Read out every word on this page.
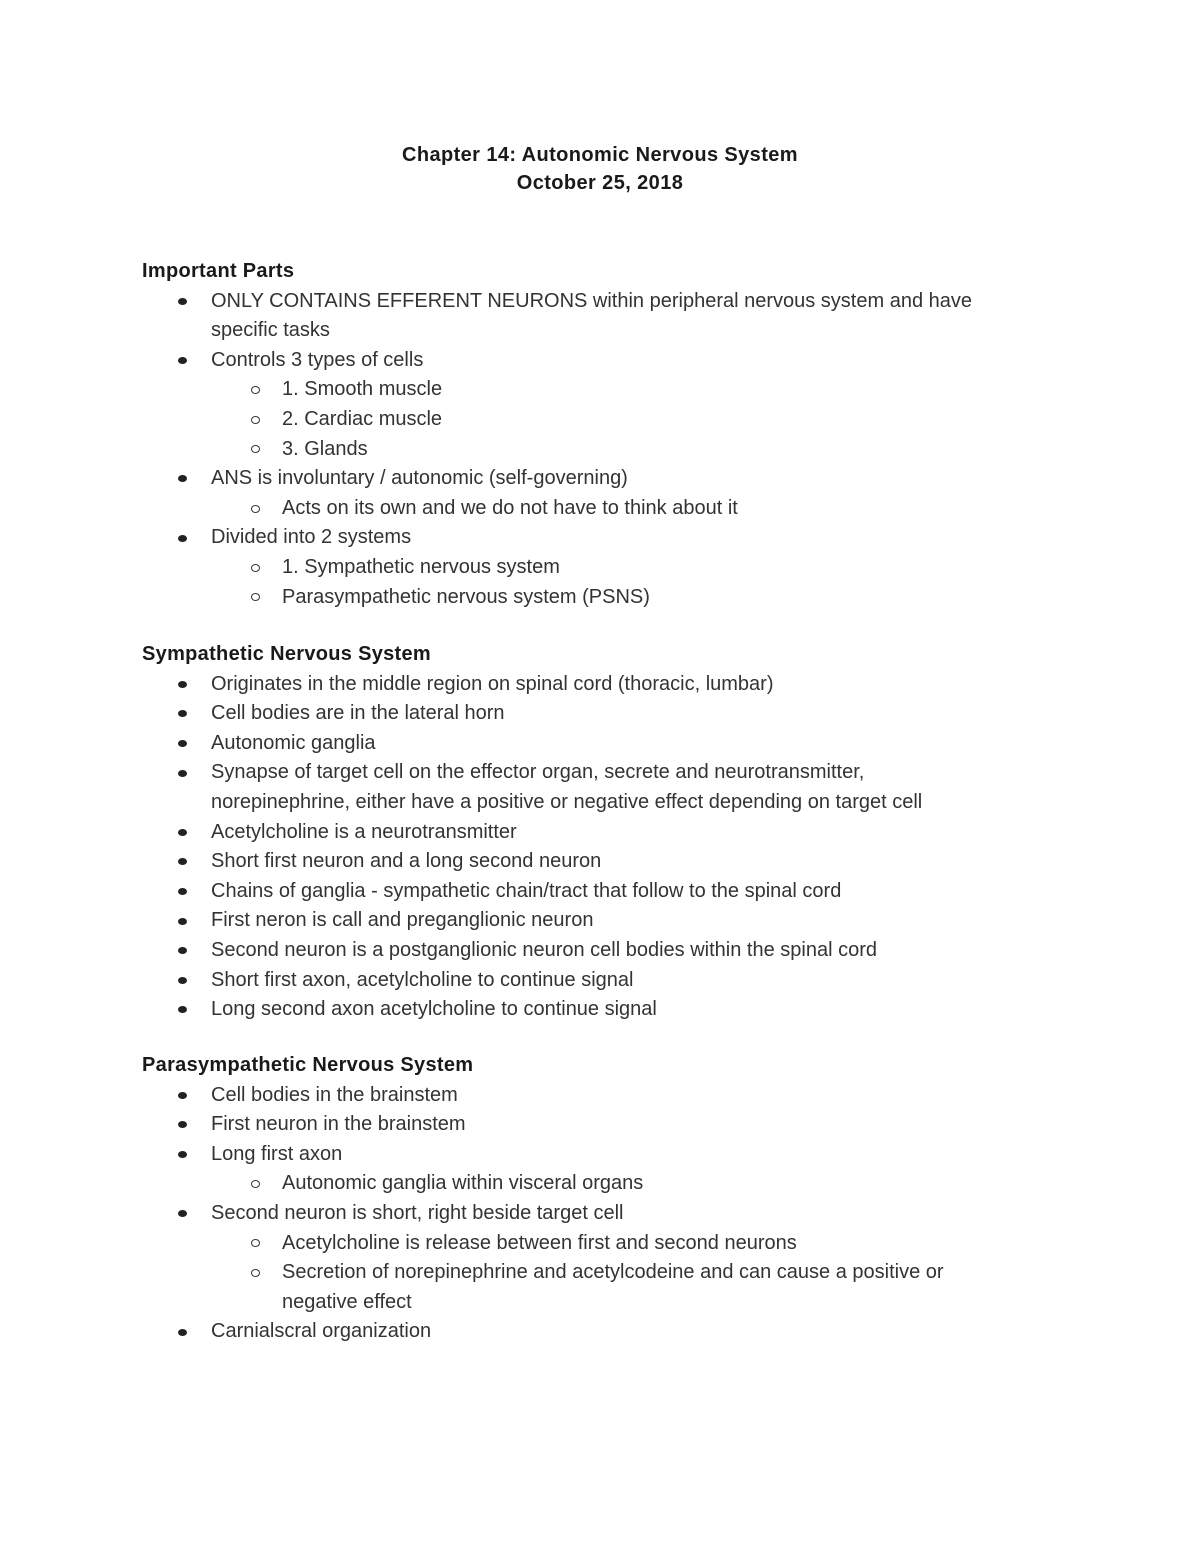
Chapter 14: Autonomic Nervous System
October 25, 2018
Important Parts
ONLY CONTAINS EFFERENT NEURONS within peripheral nervous system and have
specific tasks
Controls 3 types of cells
1. Smooth muscle
2. Cardiac muscle
3. Glands
ANS is involuntary / autonomic (self-governing)
Acts on its own and we do not have to think about it
Divided into 2 systems
1. Sympathetic nervous system
Parasympathetic nervous system (PSNS)
Sympathetic Nervous System
Originates in the middle region on spinal cord (thoracic, lumbar)
Cell bodies are in the lateral horn
Autonomic ganglia
Synapse of target cell on the effector organ, secrete and neurotransmitter,
norepinephrine, either have a positive or negative effect depending on target cell
Acetylcholine is a neurotransmitter
Short first neuron and a long second neuron
Chains of ganglia - sympathetic chain/tract that follow to the spinal cord
First neron is call and preganglionic neuron
Second neuron is a postganglionic neuron cell bodies within the spinal cord
Short first axon, acetylcholine to continue signal
Long second axon acetylcholine to continue signal
Parasympathetic Nervous System
Cell bodies in the brainstem
First neuron in the brainstem
Long first axon
Autonomic ganglia within visceral organs
Second neuron is short, right beside target cell
Acetylcholine is release between first and second neurons
Secretion of norepinephrine and acetylcodeine and can cause a positive or
negative effect
Carnialscral organization
